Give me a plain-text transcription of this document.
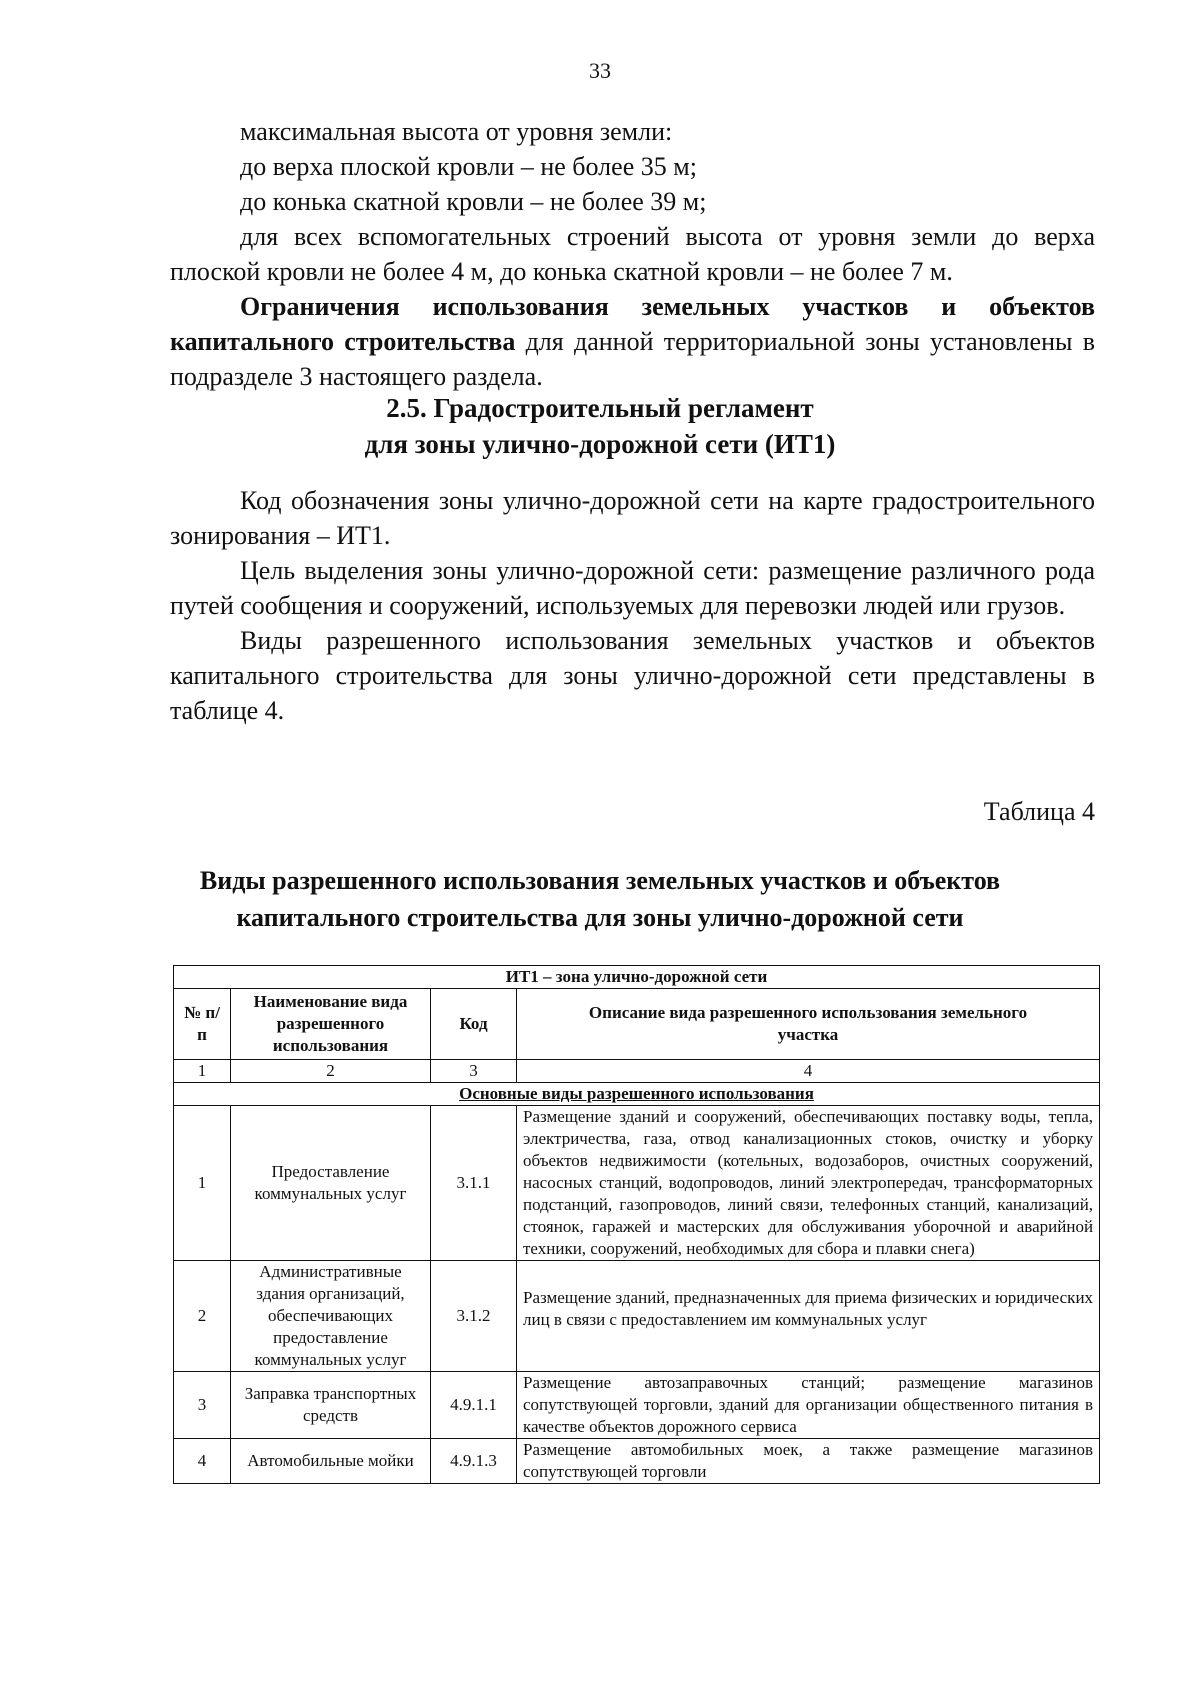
33

максимальная высота от уровня земли:

до верха плоской кровли – не более 35 м;

до конька скатной кровли – не более 39 м;

для всех вспомогательных строений высота от уровня земли до верха плоской кровли не более 4 м, до конька скатной кровли – не более 7 м.

Ограничения использования земельных участков и объектов капитального строительства для данной территориальной зоны установлены в подразделе 3 настоящего раздела.

2.5. Градостроительный регламент
для зоны улично-дорожной сети (ИТ1)

Код обозначения зоны улично-дорожной сети на карте градостроительного зонирования – ИТ1.

Цель выделения зоны улично-дорожной сети: размещение различного рода путей сообщения и сооружений, используемых для перевозки людей или грузов.

Виды разрешенного использования земельных участков и объектов капитального строительства для зоны улично-дорожной сети представлены в таблице 4.

Таблица 4
Виды разрешенного использования земельных участков и объектов
капитального строительства для зоны улично-дорожной сети
ИТ1 – зона улично-дорожной сети			
№ п/п	Наименование вида разрешенного использования	Код	Описание вида разрешенного использования земельного участка
1	2	3	4
Основные виды разрешенного использования			
1	Предоставление коммунальных услуг	3.1.1	Размещение зданий и сооружений, обеспечивающих поставку воды, тепла, электричества, газа, отвод канализационных стоков, очистку и уборку объектов недвижимости (котельных, водозаборов, очистных сооружений, насосных станций, водопроводов, линий электропередач, трансформаторных подстанций, газопроводов, линий связи, телефонных станций, канализаций, стоянок, гаражей и мастерских для обслуживания уборочной и аварийной техники, сооружений, необходимых для сбора и плавки снега)
2	Административные здания организаций, обеспечивающих предоставление коммунальных услуг	3.1.2	Размещение зданий, предназначенных для приема физических и юридических лиц в связи с предоставлением им коммунальных услуг
3	Заправка транспортных средств	4.9.1.1	Размещение автозаправочных станций; размещение магазинов сопутствующей торговли, зданий для организации общественного питания в качестве объектов дорожного сервиса
4	Автомобильные мойки	4.9.1.3	Размещение автомобильных моек, а также размещение магазинов сопутствующей торговли
